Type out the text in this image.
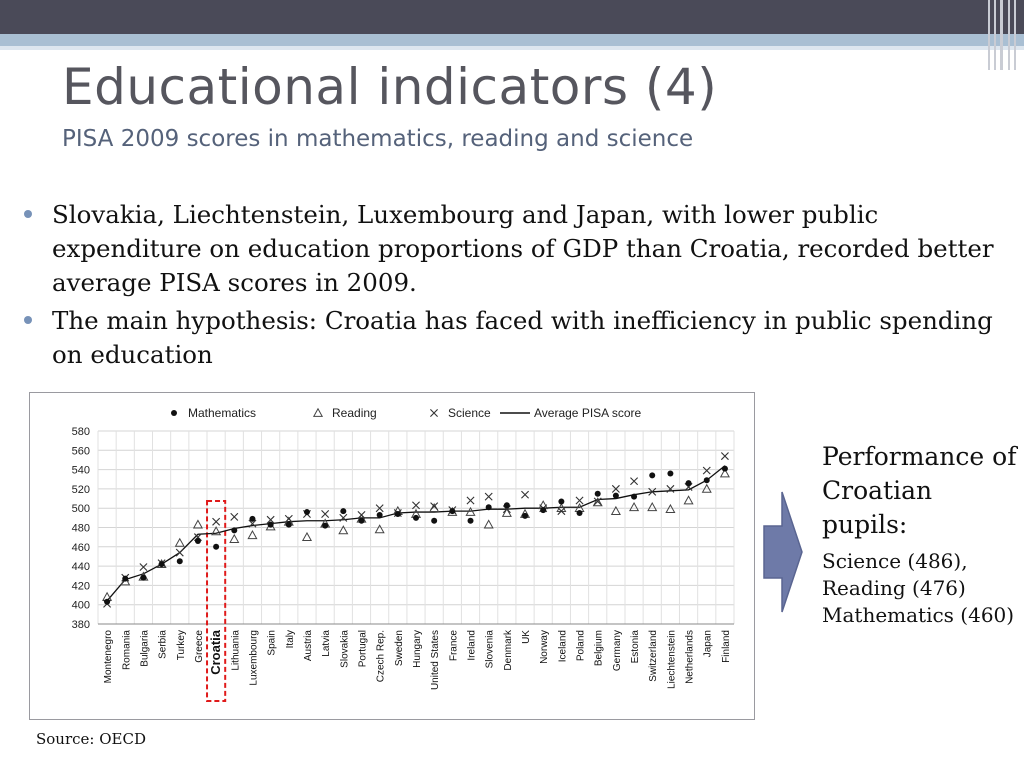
Educational indicators (4)
PISA 2009 scores in mathematics, reading and science
Slovakia, Liechtenstein, Luxembourg and Japan, with lower public expenditure on education proportions of GDP than Croatia, recorded better average PISA scores in 2009.
The main hypothesis: Croatia has faced with inefficiency in public spending on education
380
400
420
440
460
480
500
520
540
560
580
Montenegro Romania Bulgaria Serbia Turkey Greece Croatia Lithuania Luxembourg Spain Italy Austria Latvia Slovakia Portugal Czech Rep. Sweden Hungary United States France Ireland Slovenia Denmark UK Norway Iceland Poland Belgium Germany Estonia Switzerland Liechtenstein Netherlands Japan Finland
Mathematics	Reading	Science	Average PISA score
Source: OECD
Performance of Croatian pupils:
Science (486),
Reading (476)
Mathematics (460)
